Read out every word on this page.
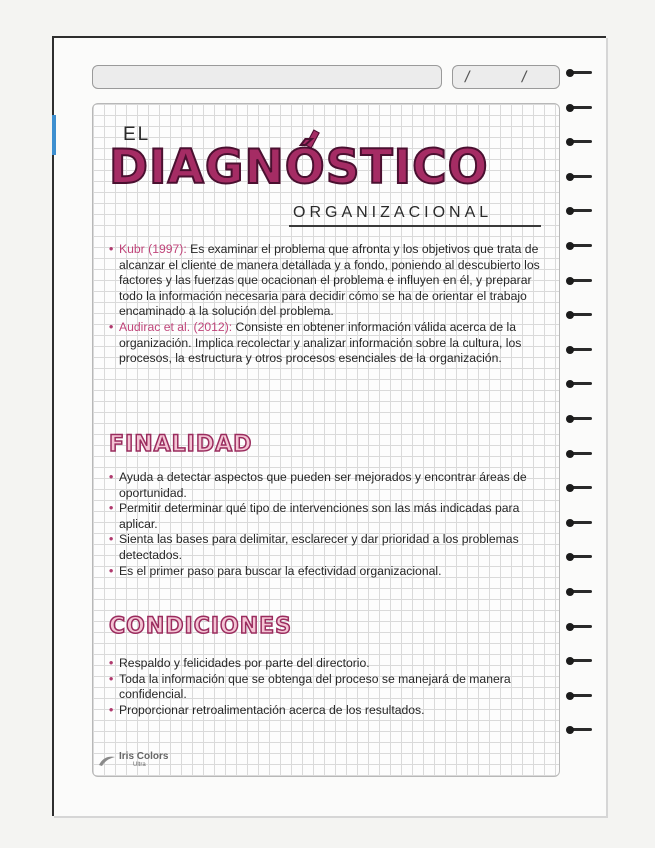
/ /
EL
DIAGNÓSTICO
ORGANIZACIONAL
• Kubr (1997): Es examinar el problema que afronta y los objetivos que trata de alcanzar el cliente de manera detallada y a fondo, poniendo al descubierto los factores y las fuerzas que ocacionan el problema e influyen en él, y preparar todo la información necesaria para decidir cómo se ha de orientar el trabajo encaminado a la solución del problema.
• Audirac et al. (2012): Consiste en obtener información válida acerca de la organización. Implica recolectar y analizar información sobre la cultura, los procesos, la estructura y otros procesos esenciales de la organización.
FINALIDAD
• Ayuda a detectar aspectos que pueden ser mejorados y encontrar áreas de oportunidad.
• Permitir determinar qué tipo de intervenciones son las más indicadas para aplicar.
• Sienta las bases para delimitar, esclarecer y dar prioridad a los problemas detectados.
• Es el primer paso para buscar la efectividad organizacional.
CONDICIONES
• Respaldo y felicidades por parte del directorio.
• Toda la información que se obtenga del proceso se manejará de manera confidencial.
• Proporcionar retroalimentación acerca de los resultados.
Iris Colors
Ultra
